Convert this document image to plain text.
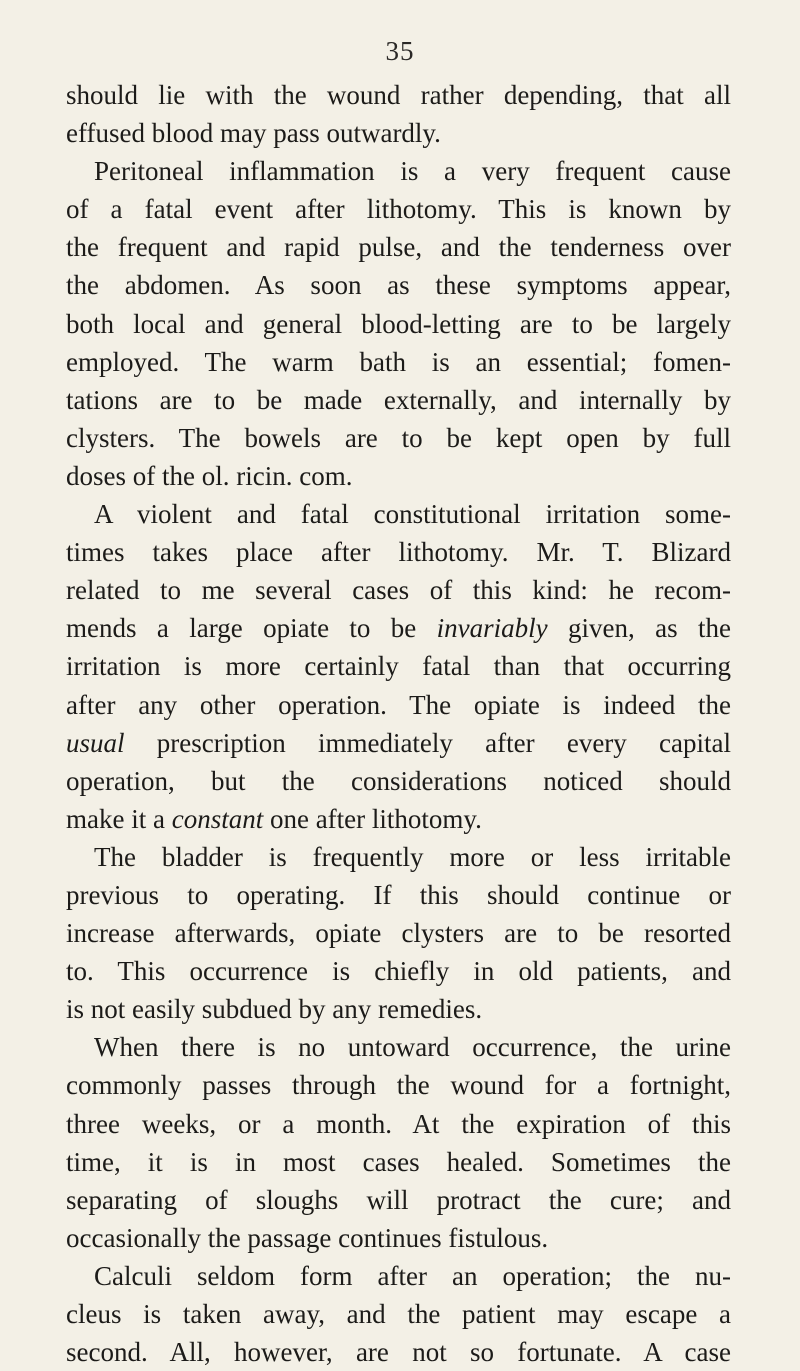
35
should lie with the wound rather depending, that all
effused blood may pass outwardly.
Peritoneal inflammation is a very frequent cause
of a fatal event after lithotomy. This is known by
the frequent and rapid pulse, and the tenderness over
the abdomen. As soon as these symptoms appear,
both local and general blood-letting are to be largely
employed. The warm bath is an essential; fomen-
tations are to be made externally, and internally by
clysters. The bowels are to be kept open by full
doses of the ol. ricin. com.
A violent and fatal constitutional irritation some-
times takes place after lithotomy. Mr. T. Blizard
related to me several cases of this kind: he recom-
mends a large opiate to be invariably given, as the
irritation is more certainly fatal than that occurring
after any other operation. The opiate is indeed the
usual prescription immediately after every capital
operation, but the considerations noticed should
make it a constant one after lithotomy.
The bladder is frequently more or less irritable
previous to operating. If this should continue or
increase afterwards, opiate clysters are to be resorted
to. This occurrence is chiefly in old patients, and
is not easily subdued by any remedies.
When there is no untoward occurrence, the urine
commonly passes through the wound for a fortnight,
three weeks, or a month. At the expiration of this
time, it is in most cases healed. Sometimes the
separating of sloughs will protract the cure; and
occasionally the passage continues fistulous.
Calculi seldom form after an operation; the nu-
cleus is taken away, and the patient may escape a
second. All, however, are not so fortunate. A case
